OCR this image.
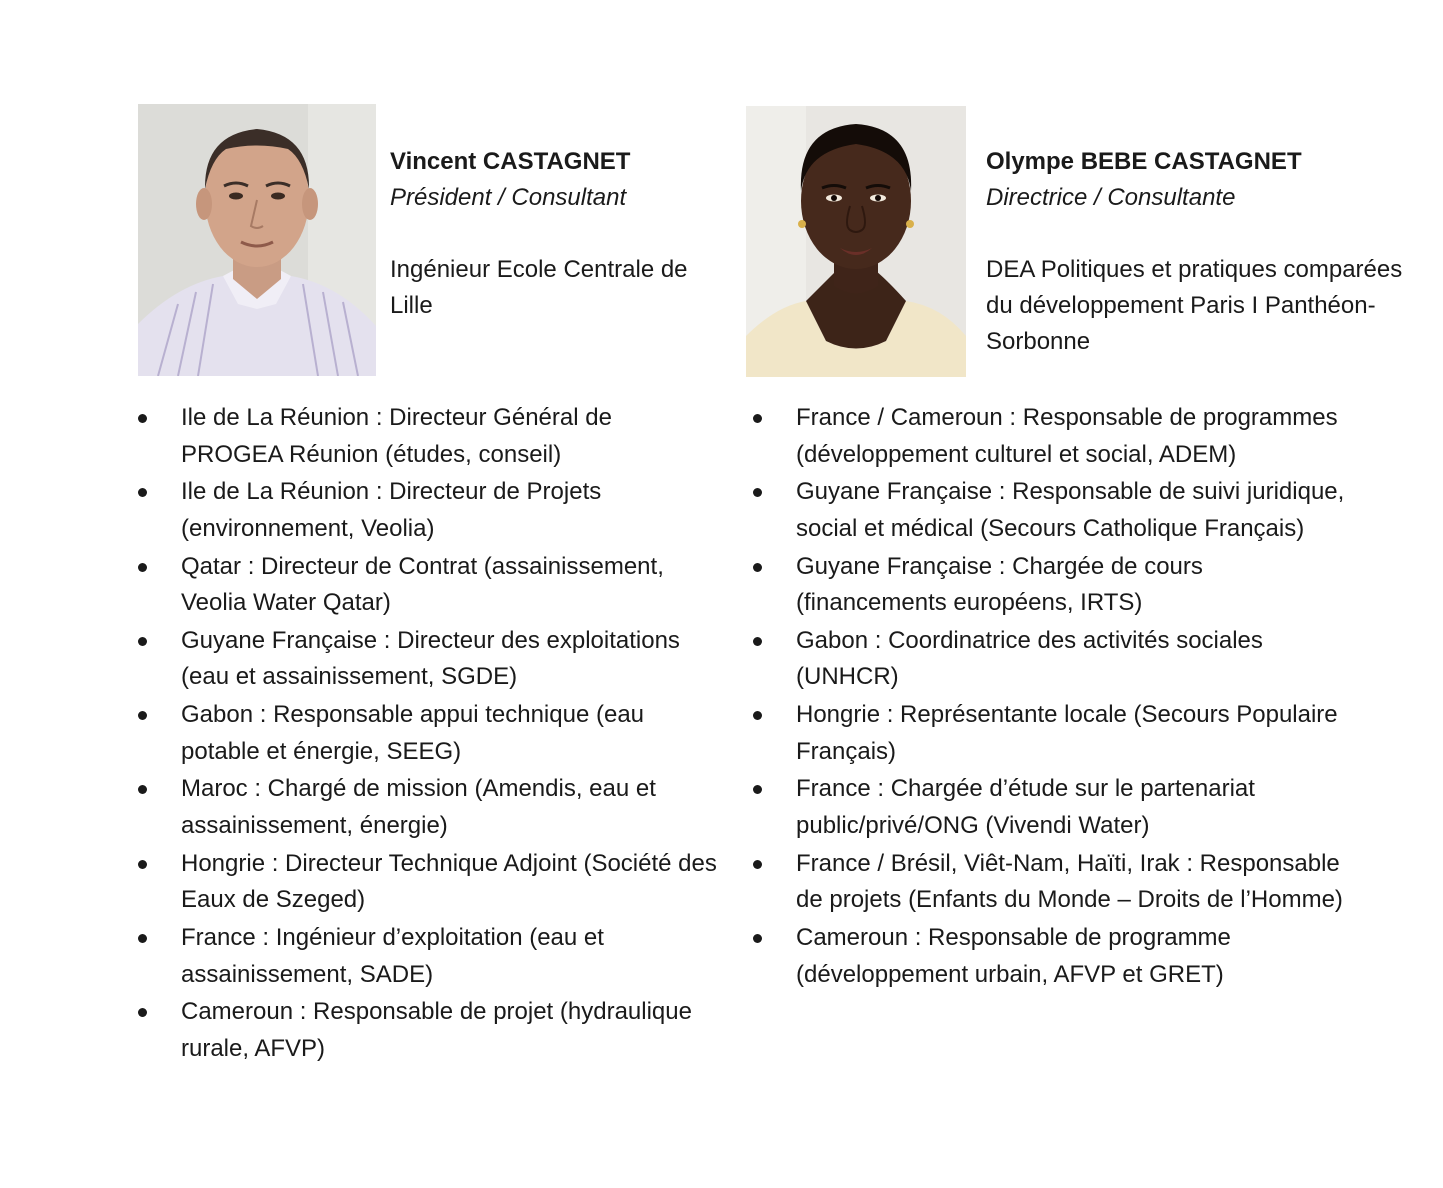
Vincent CASTAGNET
Président / Consultant
Ingénieur Ecole Centrale de Lille
Ile de La Réunion : Directeur Général de PROGEA Réunion (études, conseil)
Ile de La Réunion : Directeur de Projets (environnement, Veolia)
Qatar : Directeur de Contrat (assainissement, Veolia Water Qatar)
Guyane Française : Directeur des exploitations (eau et assainissement, SGDE)
Gabon : Responsable appui technique (eau potable et énergie, SEEG)
Maroc : Chargé de mission (Amendis, eau et assainissement, énergie)
Hongrie : Directeur Technique Adjoint (Société des Eaux de Szeged)
France : Ingénieur d’exploitation (eau et assainissement, SADE)
Cameroun : Responsable de projet (hydraulique rurale, AFVP)
Olympe BEBE CASTAGNET
Directrice / Consultante
DEA Politiques et pratiques comparées du développement Paris I Panthéon-Sorbonne
France / Cameroun : Responsable de programmes (développement culturel et social, ADEM)
Guyane Française : Responsable de suivi juridique, social et médical (Secours Catholique Français)
Guyane Française : Chargée de cours (financements européens, IRTS)
Gabon : Coordinatrice des activités sociales (UNHCR)
Hongrie : Représentante locale (Secours Populaire Français)
France : Chargée d’étude sur le partenariat public/privé/ONG (Vivendi Water)
France / Brésil, Viêt-Nam, Haïti, Irak : Responsable de projets (Enfants du Monde – Droits de l’Homme)
Cameroun : Responsable de programme (développement urbain, AFVP et GRET)
